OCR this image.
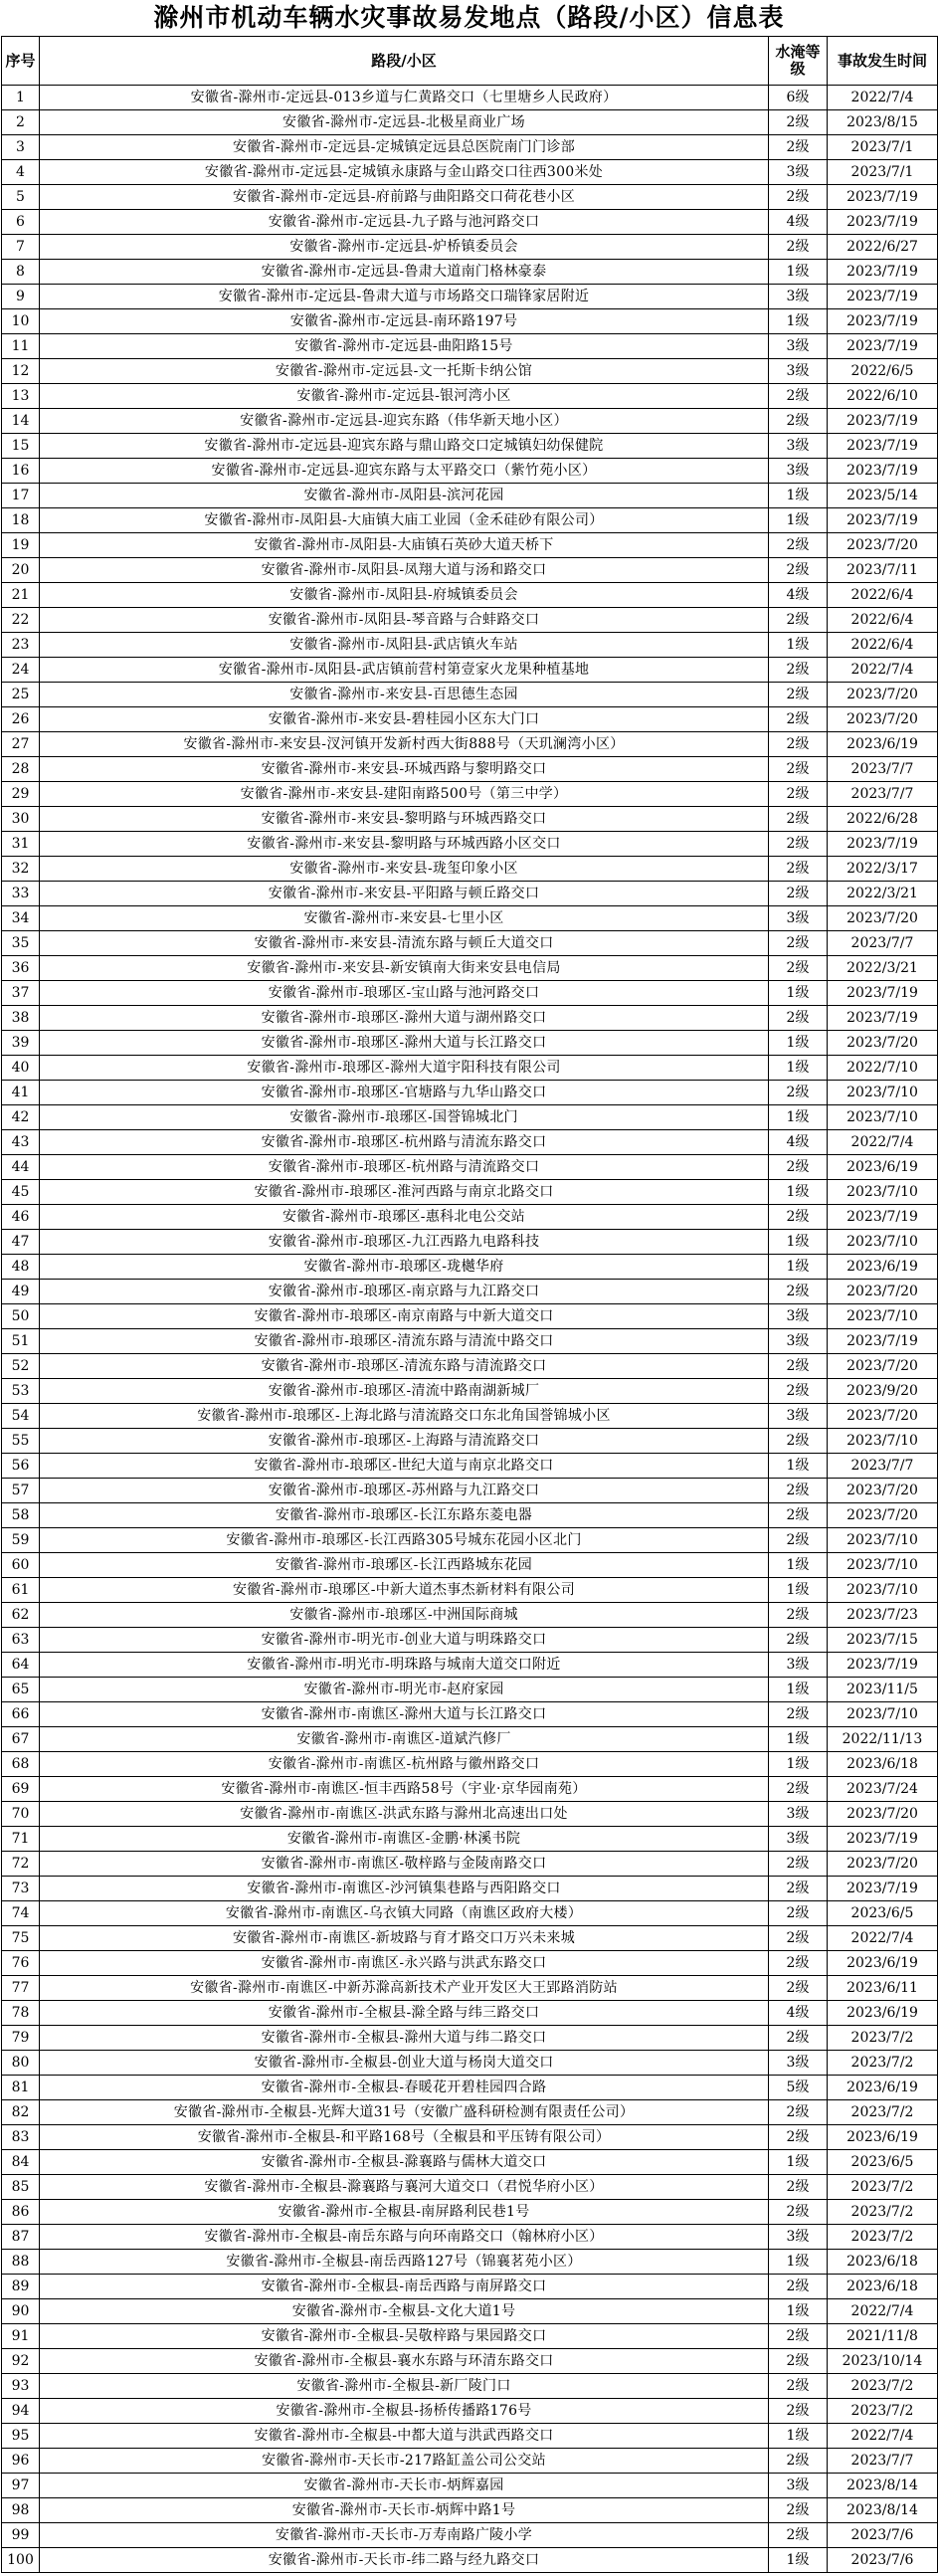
滁州市机动车辆水灾事故易发地点（路段/小区）信息表
序号	路段/小区	水淹等级	事故发生时间

1	安徽省-滁州市-定远县-013乡道与仁黄路交口（七里塘乡人民政府）	6级	2022/7/4
2	安徽省-滁州市-定远县-北极星商业广场	2级	2023/8/15
3	安徽省-滁州市-定远县-定城镇定远县总医院南门门诊部	2级	2023/7/1
4	安徽省-滁州市-定远县-定城镇永康路与金山路交口往西300米处	3级	2023/7/1
5	安徽省-滁州市-定远县-府前路与曲阳路交口荷花巷小区	2级	2023/7/19
6	安徽省-滁州市-定远县-九子路与池河路交口	4级	2023/7/19
7	安徽省-滁州市-定远县-炉桥镇委员会	2级	2022/6/27
8	安徽省-滁州市-定远县-鲁肃大道南门格林豪泰	1级	2023/7/19
9	安徽省-滁州市-定远县-鲁肃大道与市场路交口瑞锋家居附近	3级	2023/7/19
10	安徽省-滁州市-定远县-南环路197号	1级	2023/7/19
11	安徽省-滁州市-定远县-曲阳路15号	3级	2023/7/19
12	安徽省-滁州市-定远县-文一托斯卡纳公馆	3级	2022/6/5
13	安徽省-滁州市-定远县-银河湾小区	2级	2022/6/10
14	安徽省-滁州市-定远县-迎宾东路（伟华新天地小区）	2级	2023/7/19
15	安徽省-滁州市-定远县-迎宾东路与鼎山路交口定城镇妇幼保健院	3级	2023/7/19
16	安徽省-滁州市-定远县-迎宾东路与太平路交口（紫竹苑小区）	3级	2023/7/19
17	安徽省-滁州市-凤阳县-滨河花园	1级	2023/5/14
18	安徽省-滁州市-凤阳县-大庙镇大庙工业园（金禾硅砂有限公司）	1级	2023/7/19
19	安徽省-滁州市-凤阳县-大庙镇石英砂大道天桥下	2级	2023/7/20
20	安徽省-滁州市-凤阳县-凤翔大道与汤和路交口	2级	2023/7/11
21	安徽省-滁州市-凤阳县-府城镇委员会	4级	2022/6/4
22	安徽省-滁州市-凤阳县-琴音路与合蚌路交口	2级	2022/6/4
23	安徽省-滁州市-凤阳县-武店镇火车站	1级	2022/6/4
24	安徽省-滁州市-凤阳县-武店镇前营村第壹家火龙果种植基地	2级	2022/7/4
25	安徽省-滁州市-来安县-百思德生态园	2级	2023/7/20
26	安徽省-滁州市-来安县-碧桂园小区东大门口	2级	2023/7/20
27	安徽省-滁州市-来安县-汊河镇开发新村西大街888号（天玑澜湾小区）	2级	2023/6/19
28	安徽省-滁州市-来安县-环城西路与黎明路交口	2级	2023/7/7
29	安徽省-滁州市-来安县-建阳南路500号（第三中学）	2级	2023/7/7
30	安徽省-滁州市-来安县-黎明路与环城西路交口	2级	2022/6/28
31	安徽省-滁州市-来安县-黎明路与环城西路小区交口	2级	2023/7/19
32	安徽省-滁州市-来安县-珑玺印象小区	2级	2022/3/17
33	安徽省-滁州市-来安县-平阳路与顿丘路交口	2级	2022/3/21
34	安徽省-滁州市-来安县-七里小区	3级	2023/7/20
35	安徽省-滁州市-来安县-清流东路与顿丘大道交口	2级	2023/7/7
36	安徽省-滁州市-来安县-新安镇南大街来安县电信局	2级	2022/3/21
37	安徽省-滁州市-琅琊区-宝山路与池河路交口	1级	2023/7/19
38	安徽省-滁州市-琅琊区-滁州大道与湖州路交口	2级	2023/7/19
39	安徽省-滁州市-琅琊区-滁州大道与长江路交口	1级	2023/7/20
40	安徽省-滁州市-琅琊区-滁州大道宇阳科技有限公司	1级	2022/7/10
41	安徽省-滁州市-琅琊区-官塘路与九华山路交口	2级	2023/7/10
42	安徽省-滁州市-琅琊区-国誉锦城北门	1级	2023/7/10
43	安徽省-滁州市-琅琊区-杭州路与清流东路交口	4级	2022/7/4
44	安徽省-滁州市-琅琊区-杭州路与清流路交口	2级	2023/6/19
45	安徽省-滁州市-琅琊区-淮河西路与南京北路交口	1级	2023/7/10
46	安徽省-滁州市-琅琊区-惠科北电公交站	2级	2023/7/19
47	安徽省-滁州市-琅琊区-九江西路九电路科技	1级	2023/7/10
48	安徽省-滁州市-琅琊区-珑樾华府	1级	2023/6/19
49	安徽省-滁州市-琅琊区-南京路与九江路交口	2级	2023/7/20
50	安徽省-滁州市-琅琊区-南京南路与中新大道交口	3级	2023/7/10
51	安徽省-滁州市-琅琊区-清流东路与清流中路交口	3级	2023/7/19
52	安徽省-滁州市-琅琊区-清流东路与清流路交口	2级	2023/7/20
53	安徽省-滁州市-琅琊区-清流中路南湖新城厂	2级	2023/9/20
54	安徽省-滁州市-琅琊区-上海北路与清流路交口东北角国誉锦城小区	3级	2023/7/20
55	安徽省-滁州市-琅琊区-上海路与清流路交口	2级	2023/7/10
56	安徽省-滁州市-琅琊区-世纪大道与南京北路交口	1级	2023/7/7
57	安徽省-滁州市-琅琊区-苏州路与九江路交口	2级	2023/7/20
58	安徽省-滁州市-琅琊区-长江东路东菱电器	2级	2023/7/20
59	安徽省-滁州市-琅琊区-长江西路305号城东花园小区北门	2级	2023/7/10
60	安徽省-滁州市-琅琊区-长江西路城东花园	1级	2023/7/10
61	安徽省-滁州市-琅琊区-中新大道杰事杰新材料有限公司	1级	2023/7/10
62	安徽省-滁州市-琅琊区-中洲国际商城	2级	2023/7/23
63	安徽省-滁州市-明光市-创业大道与明珠路交口	2级	2023/7/15
64	安徽省-滁州市-明光市-明珠路与城南大道交口附近	3级	2023/7/19
65	安徽省-滁州市-明光市-赵府家园	1级	2023/11/5
66	安徽省-滁州市-南谯区-滁州大道与长江路交口	2级	2023/7/10
67	安徽省-滁州市-南谯区-道斌汽修厂	1级	2022/11/13
68	安徽省-滁州市-南谯区-杭州路与徽州路交口	1级	2023/6/18
69	安徽省-滁州市-南谯区-恒丰西路58号（宇业·京华园南苑）	2级	2023/7/24
70	安徽省-滁州市-南谯区-洪武东路与滁州北高速出口处	3级	2023/7/20
71	安徽省-滁州市-南谯区-金鹏·林溪书院	3级	2023/7/19
72	安徽省-滁州市-南谯区-敬梓路与金陵南路交口	2级	2023/7/20
73	安徽省-滁州市-南谯区-沙河镇集巷路与西阳路交口	2级	2023/7/19
74	安徽省-滁州市-南谯区-乌衣镇大同路（南谯区政府大楼）	2级	2023/6/5
75	安徽省-滁州市-南谯区-新坡路与育才路交口万兴未来城	2级	2022/7/4
76	安徽省-滁州市-南谯区-永兴路与洪武东路交口	2级	2023/6/19
77	安徽省-滁州市-南谯区-中新苏滁高新技术产业开发区大王郢路消防站	2级	2023/6/11
78	安徽省-滁州市-全椒县-滁全路与纬三路交口	4级	2023/6/19
79	安徽省-滁州市-全椒县-滁州大道与纬二路交口	2级	2023/7/2
80	安徽省-滁州市-全椒县-创业大道与杨岗大道交口	3级	2023/7/2
81	安徽省-滁州市-全椒县-春暖花开碧桂园四合路	5级	2023/6/19
82	安徽省-滁州市-全椒县-光辉大道31号（安徽广盛科研检测有限责任公司）	2级	2023/7/2
83	安徽省-滁州市-全椒县-和平路168号（全椒县和平压铸有限公司）	2级	2023/6/19
84	安徽省-滁州市-全椒县-滁襄路与儒林大道交口	1级	2023/6/5
85	安徽省-滁州市-全椒县-滁襄路与襄河大道交口（君悦华府小区）	2级	2023/7/2
86	安徽省-滁州市-全椒县-南屏路利民巷1号	2级	2023/7/2
87	安徽省-滁州市-全椒县-南岳东路与向环南路交口（翰林府小区）	3级	2023/7/2
88	安徽省-滁州市-全椒县-南岳西路127号（锦襄茗苑小区）	1级	2023/6/18
89	安徽省-滁州市-全椒县-南岳西路与南屏路交口	2级	2023/6/18
90	安徽省-滁州市-全椒县-文化大道1号	1级	2022/7/4
91	安徽省-滁州市-全椒县-吴敬梓路与果园路交口	2级	2021/11/8
92	安徽省-滁州市-全椒县-襄水东路与环清东路交口	2级	2023/10/14
93	安徽省-滁州市-全椒县-新厂陵门口	2级	2023/7/2
94	安徽省-滁州市-全椒县-扬桥传播路176号	2级	2023/7/2
95	安徽省-滁州市-全椒县-中都大道与洪武西路交口	1级	2022/7/4
96	安徽省-滁州市-天长市-217路缸盖公司公交站	2级	2023/7/7
97	安徽省-滁州市-天长市-炳辉嘉园	3级	2023/8/14
98	安徽省-滁州市-天长市-炳辉中路1号	2级	2023/8/14
99	安徽省-滁州市-天长市-万寿南路广陵小学	2级	2023/7/6
100	安徽省-滁州市-天长市-纬二路与经九路交口	1级	2023/7/6
